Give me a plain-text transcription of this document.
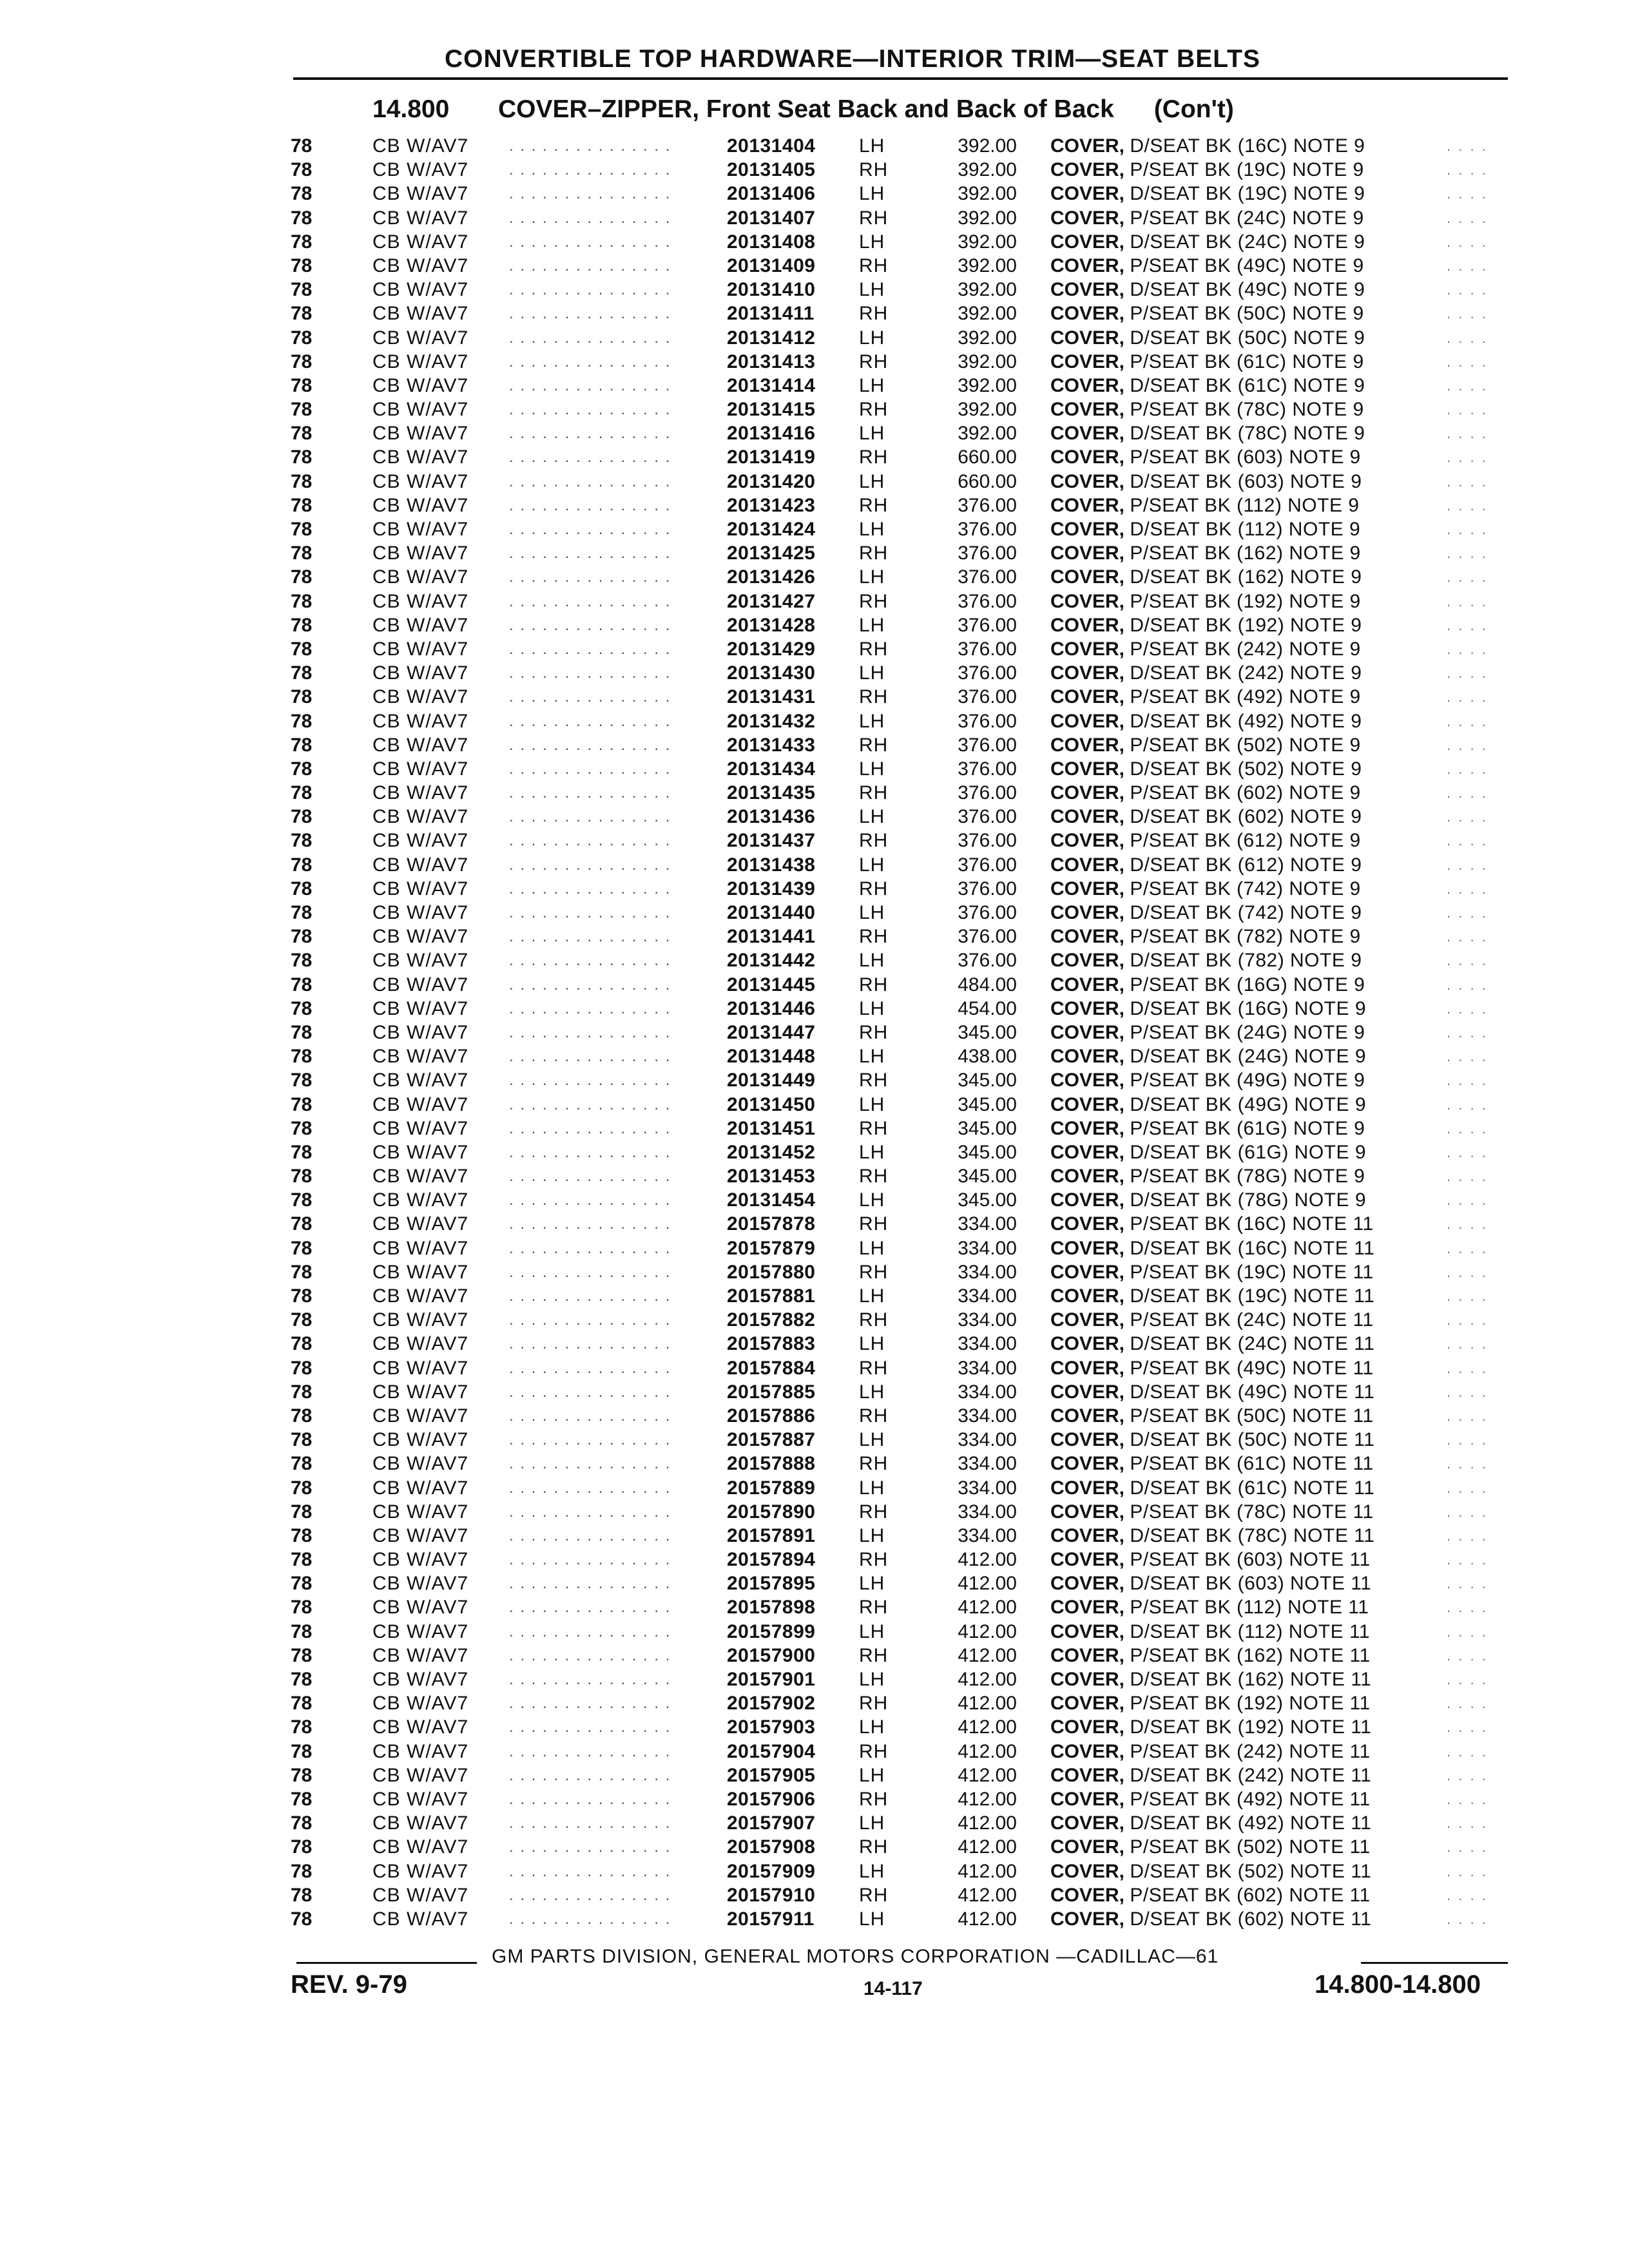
CONVERTIBLE TOP HARDWARE—INTERIOR TRIM—SEAT BELTS
14.800 COVER–ZIPPER, Front Seat Back and Back of Back (Con't)
78	CB W/AV7	. . . . . . . . . . . . . . .	20131404 LH	392.00 COVER, D/SEAT BK (16C) NOTE 9	. . . .
78	CB W/AV7	. . . . . . . . . . . . . . .	20131405 RH	392.00 COVER, P/SEAT BK (19C) NOTE 9	. . . .
78	CB W/AV7	. . . . . . . . . . . . . . .	20131406 LH	392.00 COVER, D/SEAT BK (19C) NOTE 9	. . . .
78	CB W/AV7	. . . . . . . . . . . . . . .	20131407 RH	392.00 COVER, P/SEAT BK (24C) NOTE 9	. . . .
78	CB W/AV7	. . . . . . . . . . . . . . .	20131408 LH	392.00 COVER, D/SEAT BK (24C) NOTE 9	. . . .
78	CB W/AV7	. . . . . . . . . . . . . . .	20131409 RH	392.00 COVER, P/SEAT BK (49C) NOTE 9	. . . .
78	CB W/AV7	. . . . . . . . . . . . . . .	20131410 LH	392.00 COVER, D/SEAT BK (49C) NOTE 9	. . . .
78	CB W/AV7	. . . . . . . . . . . . . . .	20131411 RH	392.00 COVER, P/SEAT BK (50C) NOTE 9	. . . .
78	CB W/AV7	. . . . . . . . . . . . . . .	20131412 LH	392.00 COVER, D/SEAT BK (50C) NOTE 9	. . . .
78	CB W/AV7	. . . . . . . . . . . . . . .	20131413 RH	392.00 COVER, P/SEAT BK (61C) NOTE 9	. . . .
78	CB W/AV7	. . . . . . . . . . . . . . .	20131414 LH	392.00 COVER, D/SEAT BK (61C) NOTE 9	. . . .
78	CB W/AV7	. . . . . . . . . . . . . . .	20131415 RH	392.00 COVER, P/SEAT BK (78C) NOTE 9	. . . .
78	CB W/AV7	. . . . . . . . . . . . . . .	20131416 LH	392.00 COVER, D/SEAT BK (78C) NOTE 9	. . . .
78	CB W/AV7	. . . . . . . . . . . . . . .	20131419 RH	660.00 COVER, P/SEAT BK (603) NOTE 9	. . . .
78	CB W/AV7	. . . . . . . . . . . . . . .	20131420 LH	660.00 COVER, D/SEAT BK (603) NOTE 9	. . . .
78	CB W/AV7	. . . . . . . . . . . . . . .	20131423 RH	376.00 COVER, P/SEAT BK (112) NOTE 9	. . . .
78	CB W/AV7	. . . . . . . . . . . . . . .	20131424 LH	376.00 COVER, D/SEAT BK (112) NOTE 9	. . . .
78	CB W/AV7	. . . . . . . . . . . . . . .	20131425 RH	376.00 COVER, P/SEAT BK (162) NOTE 9	. . . .
78	CB W/AV7	. . . . . . . . . . . . . . .	20131426 LH	376.00 COVER, D/SEAT BK (162) NOTE 9	. . . .
78	CB W/AV7	. . . . . . . . . . . . . . .	20131427 RH	376.00 COVER, P/SEAT BK (192) NOTE 9	. . . .
78	CB W/AV7	. . . . . . . . . . . . . . .	20131428 LH	376.00 COVER, D/SEAT BK (192) NOTE 9	. . . .
78	CB W/AV7	. . . . . . . . . . . . . . .	20131429 RH	376.00 COVER, P/SEAT BK (242) NOTE 9	. . . .
78	CB W/AV7	. . . . . . . . . . . . . . .	20131430 LH	376.00 COVER, D/SEAT BK (242) NOTE 9	. . . .
78	CB W/AV7	. . . . . . . . . . . . . . .	20131431 RH	376.00 COVER, P/SEAT BK (492) NOTE 9	. . . .
78	CB W/AV7	. . . . . . . . . . . . . . .	20131432 LH	376.00 COVER, D/SEAT BK (492) NOTE 9	. . . .
78	CB W/AV7	. . . . . . . . . . . . . . .	20131433 RH	376.00 COVER, P/SEAT BK (502) NOTE 9	. . . .
78	CB W/AV7	. . . . . . . . . . . . . . .	20131434 LH	376.00 COVER, D/SEAT BK (502) NOTE 9	. . . .
78	CB W/AV7	. . . . . . . . . . . . . . .	20131435 RH	376.00 COVER, P/SEAT BK (602) NOTE 9	. . . .
78	CB W/AV7	. . . . . . . . . . . . . . .	20131436 LH	376.00 COVER, D/SEAT BK (602) NOTE 9	. . . .
78	CB W/AV7	. . . . . . . . . . . . . . .	20131437 RH	376.00 COVER, P/SEAT BK (612) NOTE 9	. . . .
78	CB W/AV7	. . . . . . . . . . . . . . .	20131438 LH	376.00 COVER, D/SEAT BK (612) NOTE 9	. . . .
78	CB W/AV7	. . . . . . . . . . . . . . .	20131439 RH	376.00 COVER, P/SEAT BK (742) NOTE 9	. . . .
78	CB W/AV7	. . . . . . . . . . . . . . .	20131440 LH	376.00 COVER, D/SEAT BK (742) NOTE 9	. . . .
78	CB W/AV7	. . . . . . . . . . . . . . .	20131441 RH	376.00 COVER, P/SEAT BK (782) NOTE 9	. . . .
78	CB W/AV7	. . . . . . . . . . . . . . .	20131442 LH	376.00 COVER, D/SEAT BK (782) NOTE 9	. . . .
78	CB W/AV7	. . . . . . . . . . . . . . .	20131445 RH	484.00 COVER, P/SEAT BK (16G) NOTE 9	. . . .
78	CB W/AV7	. . . . . . . . . . . . . . .	20131446 LH	454.00 COVER, D/SEAT BK (16G) NOTE 9	. . . .
78	CB W/AV7	. . . . . . . . . . . . . . .	20131447 RH	345.00 COVER, P/SEAT BK (24G) NOTE 9	. . . .
78	CB W/AV7	. . . . . . . . . . . . . . .	20131448 LH	438.00 COVER, D/SEAT BK (24G) NOTE 9	. . . .
78	CB W/AV7	. . . . . . . . . . . . . . .	20131449 RH	345.00 COVER, P/SEAT BK (49G) NOTE 9	. . . .
78	CB W/AV7	. . . . . . . . . . . . . . .	20131450 LH	345.00 COVER, D/SEAT BK (49G) NOTE 9	. . . .
78	CB W/AV7	. . . . . . . . . . . . . . .	20131451 RH	345.00 COVER, P/SEAT BK (61G) NOTE 9	. . . .
78	CB W/AV7	. . . . . . . . . . . . . . .	20131452 LH	345.00 COVER, D/SEAT BK (61G) NOTE 9	. . . .
78	CB W/AV7	. . . . . . . . . . . . . . .	20131453 RH	345.00 COVER, P/SEAT BK (78G) NOTE 9	. . . .
78	CB W/AV7	. . . . . . . . . . . . . . .	20131454 LH	345.00 COVER, D/SEAT BK (78G) NOTE 9	. . . .
78	CB W/AV7	. . . . . . . . . . . . . . .	20157878 RH	334.00 COVER, P/SEAT BK (16C) NOTE 11	. . . .
78	CB W/AV7	. . . . . . . . . . . . . . .	20157879 LH	334.00 COVER, D/SEAT BK (16C) NOTE 11	. . . .
78	CB W/AV7	. . . . . . . . . . . . . . .	20157880 RH	334.00 COVER, P/SEAT BK (19C) NOTE 11	. . . .
78	CB W/AV7	. . . . . . . . . . . . . . .	20157881 LH	334.00 COVER, D/SEAT BK (19C) NOTE 11	. . . .
78	CB W/AV7	. . . . . . . . . . . . . . .	20157882 RH	334.00 COVER, P/SEAT BK (24C) NOTE 11	. . . .
78	CB W/AV7	. . . . . . . . . . . . . . .	20157883 LH	334.00 COVER, D/SEAT BK (24C) NOTE 11	. . . .
78	CB W/AV7	. . . . . . . . . . . . . . .	20157884 RH	334.00 COVER, P/SEAT BK (49C) NOTE 11	. . . .
78	CB W/AV7	. . . . . . . . . . . . . . .	20157885 LH	334.00 COVER, D/SEAT BK (49C) NOTE 11	. . . .
78	CB W/AV7	. . . . . . . . . . . . . . .	20157886 RH	334.00 COVER, P/SEAT BK (50C) NOTE 11	. . . .
78	CB W/AV7	. . . . . . . . . . . . . . .	20157887 LH	334.00 COVER, D/SEAT BK (50C) NOTE 11	. . . .
78	CB W/AV7	. . . . . . . . . . . . . . .	20157888 RH	334.00 COVER, P/SEAT BK (61C) NOTE 11	. . . .
78	CB W/AV7	. . . . . . . . . . . . . . .	20157889 LH	334.00 COVER, D/SEAT BK (61C) NOTE 11	. . . .
78	CB W/AV7	. . . . . . . . . . . . . . .	20157890 RH	334.00 COVER, P/SEAT BK (78C) NOTE 11	. . . .
78	CB W/AV7	. . . . . . . . . . . . . . .	20157891 LH	334.00 COVER, D/SEAT BK (78C) NOTE 11	. . . .
78	CB W/AV7	. . . . . . . . . . . . . . .	20157894 RH	412.00 COVER, P/SEAT BK (603) NOTE 11	. . . .
78	CB W/AV7	. . . . . . . . . . . . . . .	20157895 LH	412.00 COVER, D/SEAT BK (603) NOTE 11	. . . .
78	CB W/AV7	. . . . . . . . . . . . . . .	20157898 RH	412.00 COVER, P/SEAT BK (112) NOTE 11	. . . .
78	CB W/AV7	. . . . . . . . . . . . . . .	20157899 LH	412.00 COVER, D/SEAT BK (112) NOTE 11	. . . .
78	CB W/AV7	. . . . . . . . . . . . . . .	20157900 RH	412.00 COVER, P/SEAT BK (162) NOTE 11	. . . .
78	CB W/AV7	. . . . . . . . . . . . . . .	20157901 LH	412.00 COVER, D/SEAT BK (162) NOTE 11	. . . .
78	CB W/AV7	. . . . . . . . . . . . . . .	20157902 RH	412.00 COVER, P/SEAT BK (192) NOTE 11	. . . .
78	CB W/AV7	. . . . . . . . . . . . . . .	20157903 LH	412.00 COVER, D/SEAT BK (192) NOTE 11	. . . .
78	CB W/AV7	. . . . . . . . . . . . . . .	20157904 RH	412.00 COVER, P/SEAT BK (242) NOTE 11	. . . .
78	CB W/AV7	. . . . . . . . . . . . . . .	20157905 LH	412.00 COVER, D/SEAT BK (242) NOTE 11	. . . .
78	CB W/AV7	. . . . . . . . . . . . . . .	20157906 RH	412.00 COVER, P/SEAT BK (492) NOTE 11	. . . .
78	CB W/AV7	. . . . . . . . . . . . . . .	20157907 LH	412.00 COVER, D/SEAT BK (492) NOTE 11	. . . .
78	CB W/AV7	. . . . . . . . . . . . . . .	20157908 RH	412.00 COVER, P/SEAT BK (502) NOTE 11	. . . .
78	CB W/AV7	. . . . . . . . . . . . . . .	20157909 LH	412.00 COVER, D/SEAT BK (502) NOTE 11	. . . .
78	CB W/AV7	. . . . . . . . . . . . . . .	20157910 RH	412.00 COVER, P/SEAT BK (602) NOTE 11	. . . .
78	CB W/AV7	. . . . . . . . . . . . . . .	20157911 LH	412.00 COVER, D/SEAT BK (602) NOTE 11	. . . .
GM PARTS DIVISION, GENERAL MOTORS CORPORATION —CADILLAC—61
REV. 9-79	14-117	14.800-14.800
